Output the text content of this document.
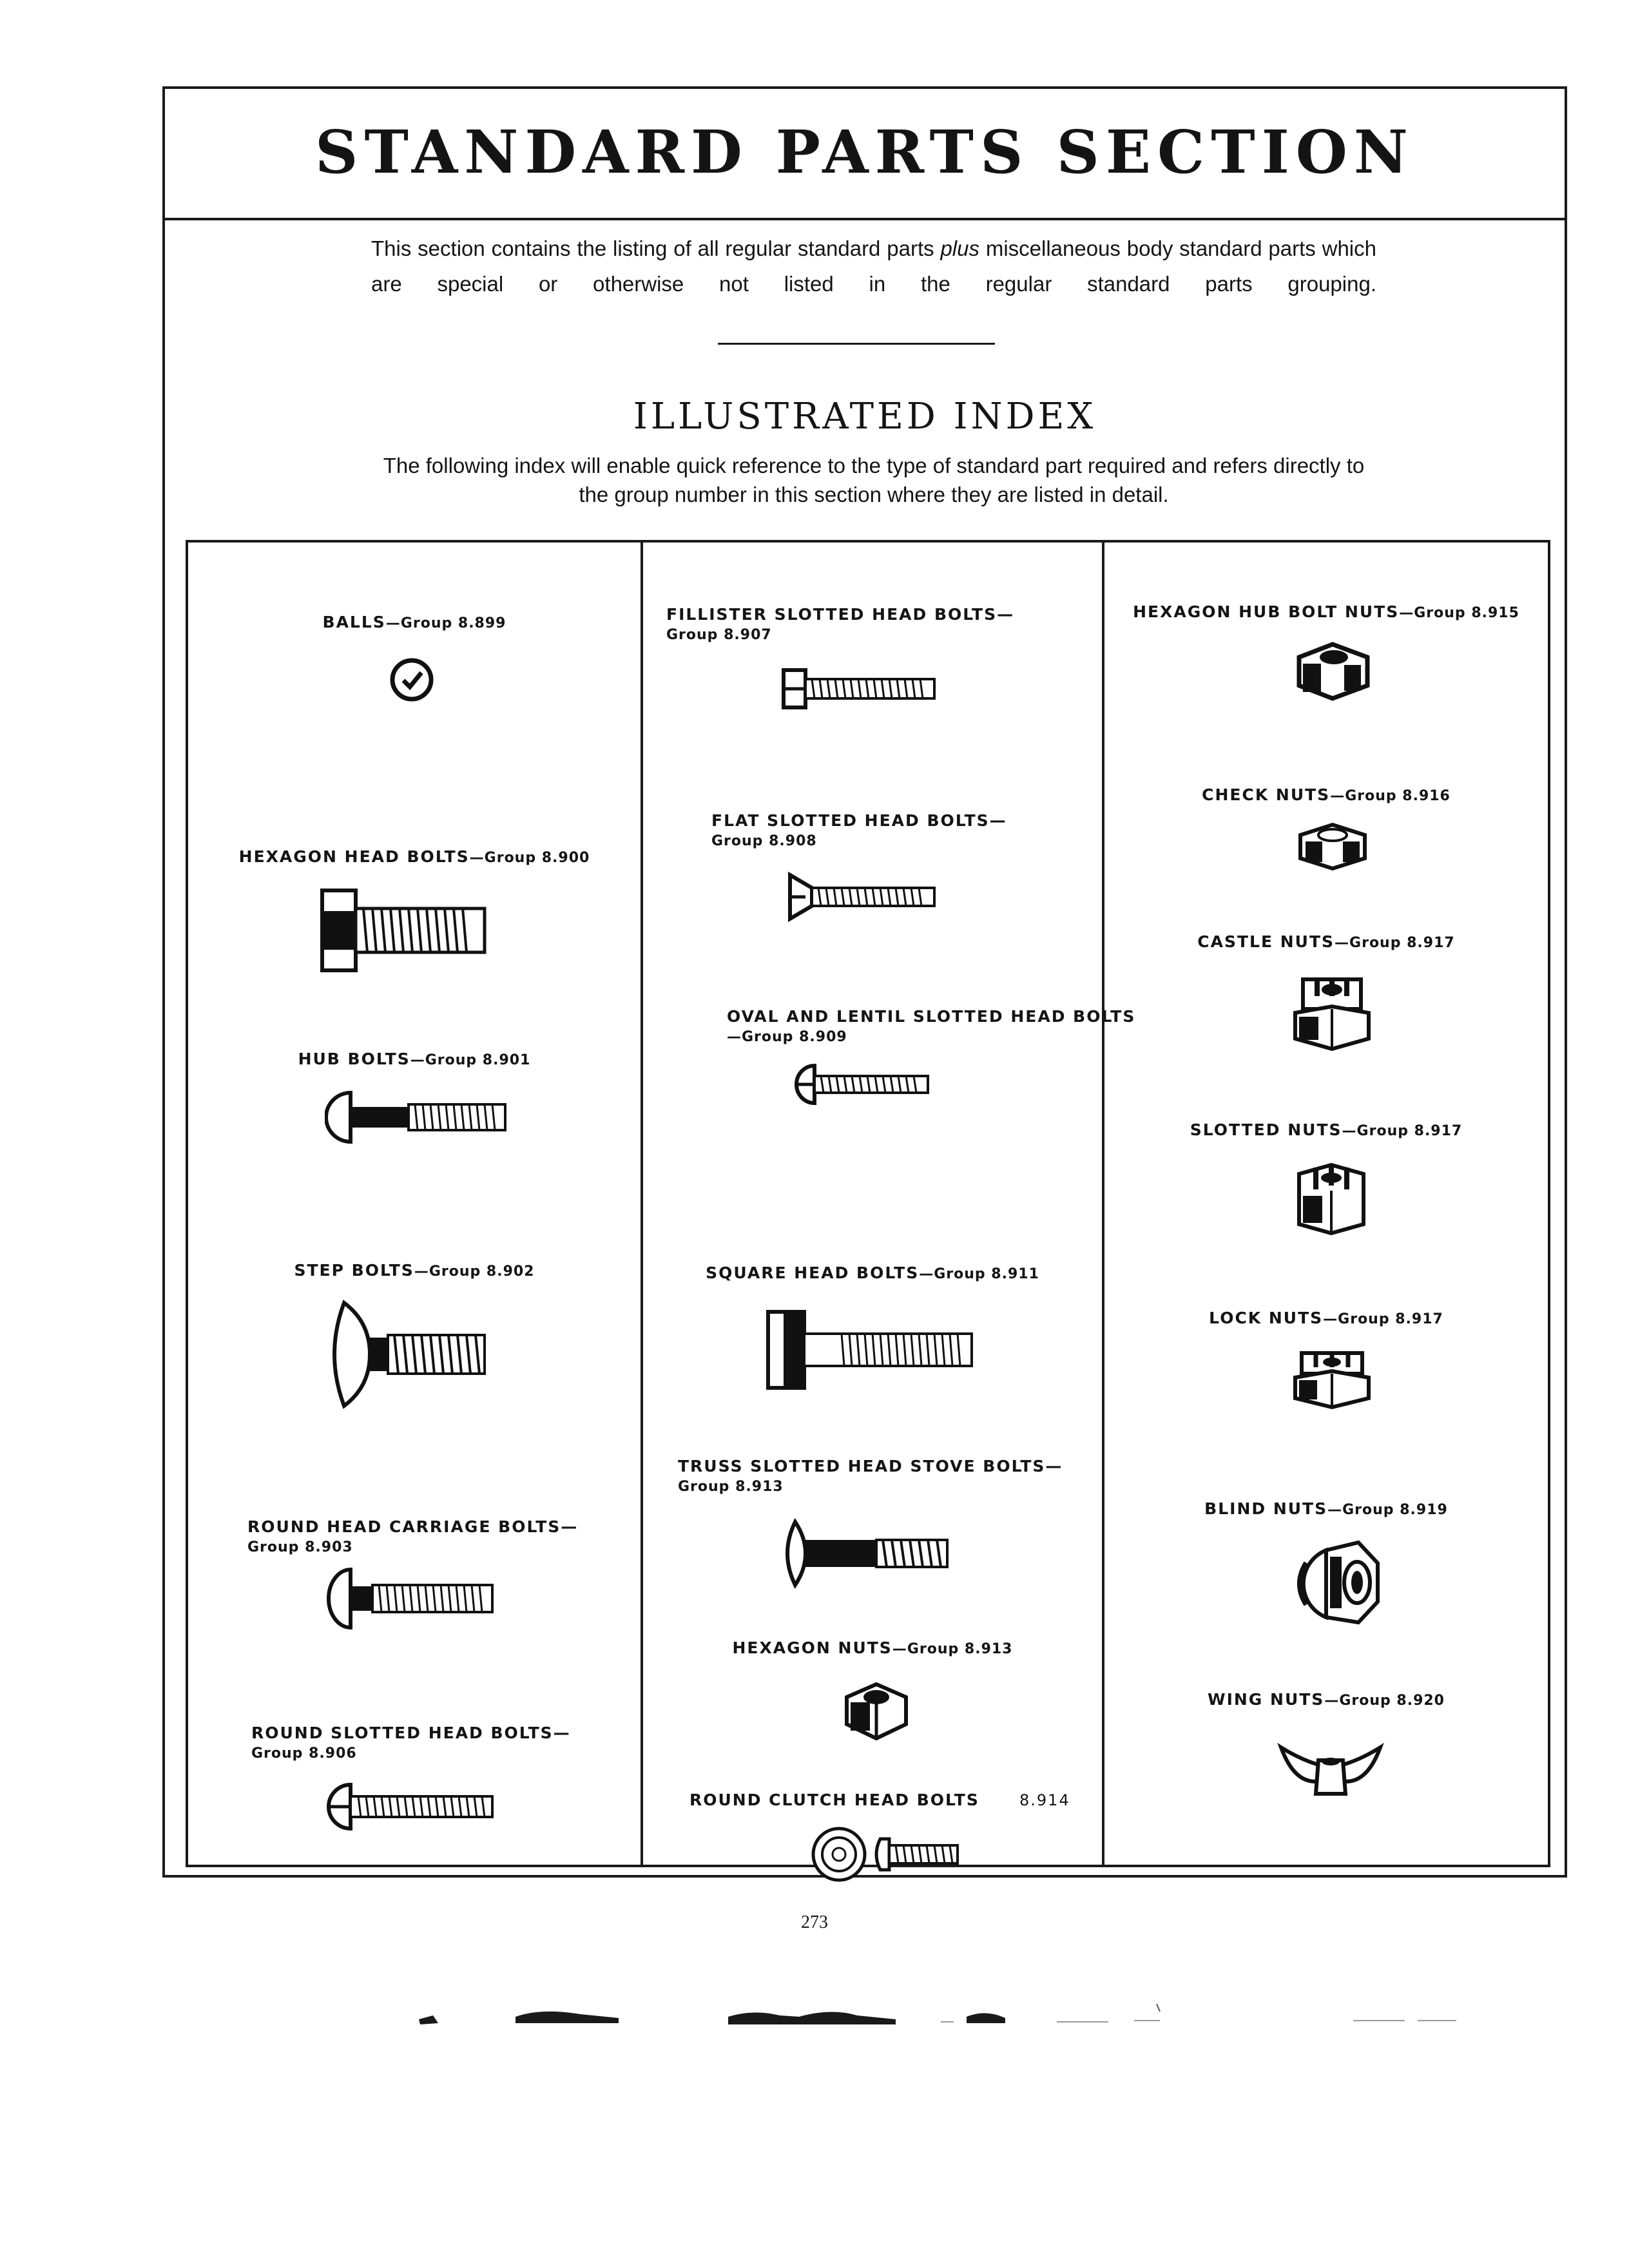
STANDARD PARTS SECTION
This section contains the listing of all regular standard parts plus miscellaneous body standard parts which are special or otherwise not listed in the regular standard parts grouping.
ILLUSTRATED INDEX
The following index will enable quick reference to the type of standard part required and refers directly to the group number in this section where they are listed in detail.
BALLS—Group 8.899
HEXAGON HEAD BOLTS—Group 8.900
HUB BOLTS—Group 8.901
STEP BOLTS—Group 8.902
ROUND HEAD CARRIAGE BOLTS—
Group 8.903
ROUND SLOTTED HEAD BOLTS—
Group 8.906
FILLISTER SLOTTED HEAD BOLTS—
Group 8.907
FLAT SLOTTED HEAD BOLTS—
Group 8.908
OVAL AND LENTIL SLOTTED HEAD BOLTS
—Group 8.909
SQUARE HEAD BOLTS—Group 8.911
TRUSS SLOTTED HEAD STOVE BOLTS—
Group 8.913
HEXAGON NUTS—Group 8.913
ROUND CLUTCH HEAD BOLTS	8.914
HEXAGON HUB BOLT NUTS—Group 8.915
CHECK NUTS—Group 8.916
CASTLE NUTS—Group 8.917
SLOTTED NUTS—Group 8.917
LOCK NUTS—Group 8.917
BLIND NUTS—Group 8.919
WING NUTS—Group 8.920
273
